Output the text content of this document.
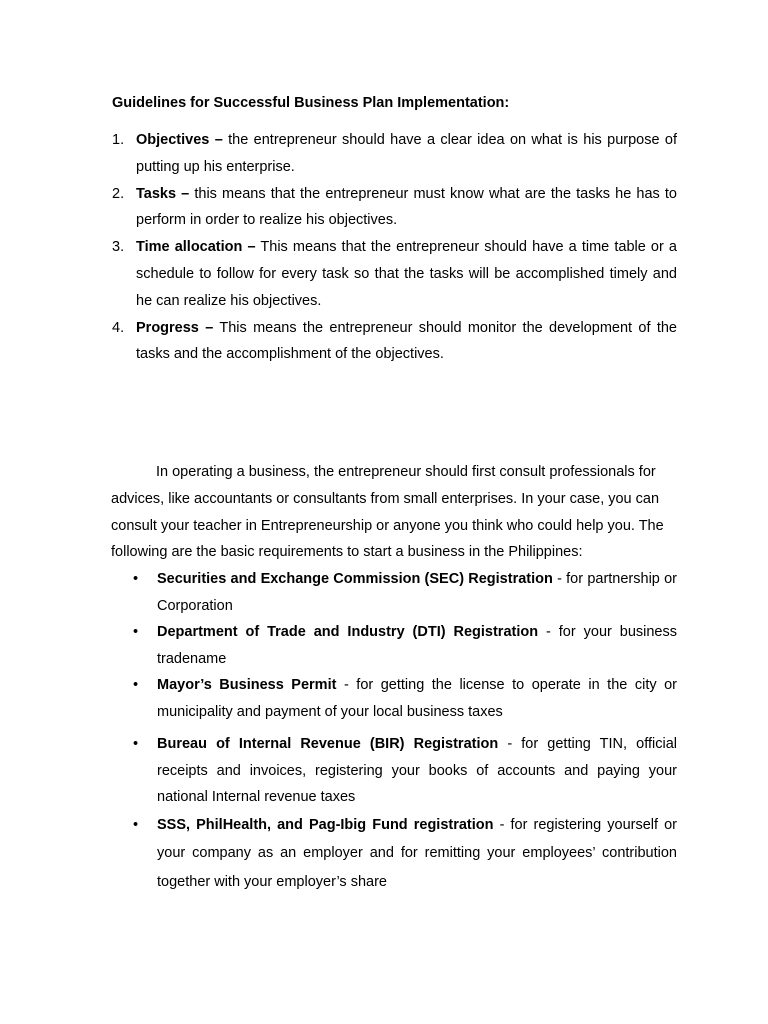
Guidelines for Successful Business Plan Implementation:

1. Objectives – the entrepreneur should have a clear idea on what is his purpose of putting up his enterprise.
2. Tasks – this means that the entrepreneur must know what are the tasks he has to perform in order to realize his objectives.
3. Time allocation – This means that the entrepreneur should have a time table or a schedule to follow for every task so that the tasks will be accomplished timely and he can realize his objectives.
4. Progress – This means the entrepreneur should monitor the development of the tasks and the accomplishment of the objectives.

In operating a business, the entrepreneur should first consult professionals for advices, like accountants or consultants from small enterprises. In your case, you can consult your teacher in Entrepreneurship or anyone you think who could help you. The following are the basic requirements to start a business in the Philippines:

• Securities and Exchange Commission (SEC) Registration - for partnership or Corporation
• Department of Trade and Industry (DTI) Registration - for your business tradename
• Mayor’s Business Permit - for getting the license to operate in the city or municipality and payment of your local business taxes
• Bureau of Internal Revenue (BIR) Registration - for getting TIN, official receipts and invoices, registering your books of accounts and paying your national Internal revenue taxes
• SSS, PhilHealth, and Pag-Ibig Fund registration - for registering yourself or your company as an employer and for remitting your employees’ contribution together with your employer’s share
